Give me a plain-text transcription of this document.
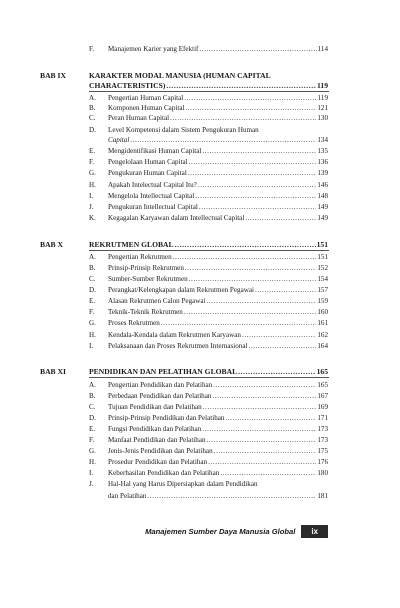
F. Manajemen Karier yang Efektif .....	114
BAB IX	KARAKTER MODAL MANUSIA (HUMAN CAPITAL
CHARACTERISTICS) .....	119
A. Pengertian Human Capital .....	119
B. Komponen Human Capital .....	121
C. Peran Human Capital .....	130
D. Level Kompetensi dalam Sistem Pengukuran Human
Capital .....	134
E. Mengidentifikasi Human Capital .....	135
F. Pengelolaan Human Capital .....	136
G. Pengukuran Human Capital .....	139
H. Apakah Intelectual Capital Itu? .....	146
I. Mengelola Intellectual Capital .....	148
J. Pengukuran Intellectual Capital .....	149
K. Kegagalan Karyawan dalam Intellectual Capital .....	149
BAB X	REKRUTMEN GLOBAL .....	151
A. Pengertian Rekrutmen .....	151
B. Prinsip-Prinsip Rekrutmen .....	152
C. Sumber-Sumber Rekrutmen .....	154
D. Perangkat/Kelengkapan dalam Rekrutmen Pegawai .....	157
E. Alasan Rekrutmen Calon Pegawai .....	159
F. Teknik-Teknik Rekrutmen .....	160
G. Proses Rekrutmen .....	161
H. Kendala-Kendala dalam Rekrutmen Karyawan .....	162
I. Pelaksanaan dan Proses Rekrutmen Internasional .....	164
BAB XI	PENDIDIKAN DAN PELATIHAN GLOBAL .....	165
A. Pengertian Pendidikan dan Pelatihan .....	165
B. Perbedaan Pendidikan dan Pelatihan .....	167
C. Tujuan Pendidikan dan Pelatihan .....	169
D. Prinsip-Prinsip Pendidikan dan Pelatihan .....	171
E. Fungsi Pendidikan dan Pelatihan .....	173
F. Manfaat Pendidikan dan Pelatihan .....	173
G. Jenis-Jenis Pendidikan dan Pelatihan .....	175
H. Prosedur Pendidikan dan Pelatihan .....	176
I. Keberhasilan Pendidikan dan Pelatihan .....	180
J. Hal-Hal yang Harus Dipersiapkan dalam Pendidikan
dan Pelatihan .....	181
Manajemen Sumber Daya Manusia Global	ix
